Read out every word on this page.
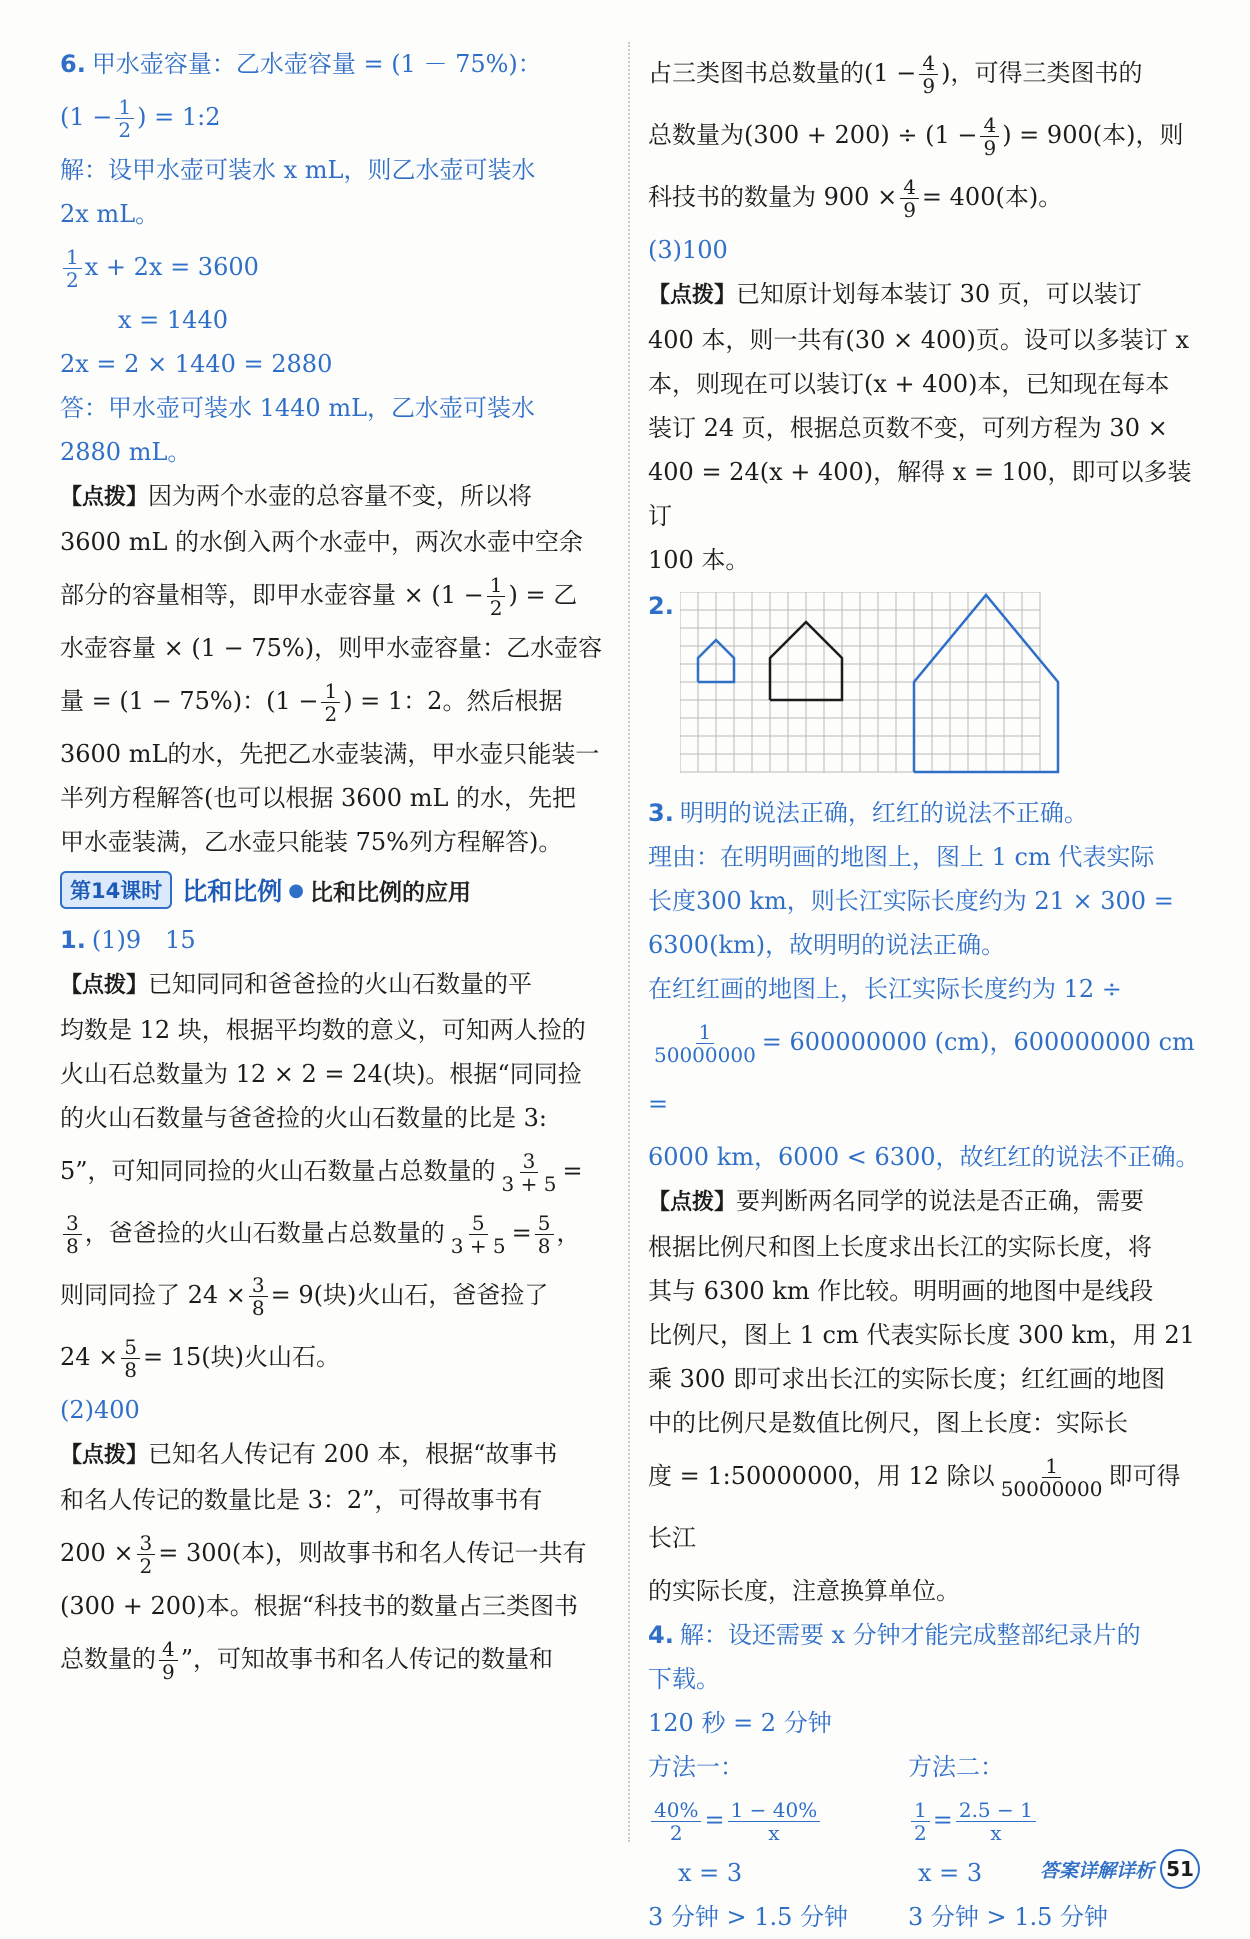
6. 甲水壶容量：乙水壶容量 = (1 － 75%)：

($1 - \frac{1}{2}$ ) = 1:2

解：设甲水壶可装水 x mL，则乙水壶可装水

2x mL。

$\frac{1}{2}$ x + 2x = 3600

x = 1440

2x = 2 × 1440 = 2880

答：甲水壶可装水 1440 mL，乙水壶可装水

2880 mL。

【点拨】因为两个水壶的总容量不变，所以将

3600 mL 的水倒入两个水壶中，两次水壶中空余

部分的容量相等，即甲水壶容量 × ($1 - \frac{1}{2}$ ) = 乙

水壶容量 × (1 − 75%)，则甲水壶容量：乙水壶容

量 = (1 − 75%)：($1 - \frac{1}{2}$ ) = 1：2。然后根据

3600 mL的水，先把乙水壶装满，甲水壶只能装一

半列方程解答(也可以根据 3600 mL 的水，先把

甲水壶装满，乙水壶只能装 75%列方程解答)。

第14课时 比和比例 ● 比和比例的应用

1. (1)9　15

【点拨】已知同同和爸爸捡的火山石数量的平

均数是 12 块，根据平均数的意义，可知两人捡的

火山石总数量为 12 × 2 = 24(块)。根据“同同捡

的火山石数量与爸爸捡的火山石数量的比是 3:

5”，可知同同捡的火山石数量占总数量的 $\frac{3}{3 + 5}$ =

$\frac{3}{8}$ ，爸爸捡的火山石数量占总数量的 $\frac{5}{3 + 5} = \frac{5}{8}$ ，

则同同捡了 $24 \times \frac{3}{8} = 9$(块)火山石，爸爸捡了

$24 \times \frac{5}{8} = 15$(块)火山石。

(2)400

【点拨】已知名人传记有 200 本，根据“故事书

和名人传记的数量比是 3：2”，可得故事书有

$200 \times \frac{3}{2} = 300$(本)，则故事书和名人传记一共有

(300 + 200)本。根据“科技书的数量占三类图书

总数量的 $\frac{4}{9}$ ”，可知故事书和名人传记的数量和

占三类图书总数量的($1 - \frac{4}{9}$ )，可得三类图书的

总数量为$(300 + 200) \div (1 - \frac{4}{9}$ ) = 900(本)，则

科技书的数量为 $900 \times \frac{4}{9} = 400$(本)。

(3)100

【点拨】已知原计划每本装订 30 页，可以装订

400 本，则一共有(30 × 400)页。设可以多装订 x

本，则现在可以装订(x + 400)本，已知现在每本

装订 24 页，根据总页数不变，可列方程为 30 ×

400 = 24(x + 400)，解得 x = 100，即可以多装订

100 本。

2.

3. 明明的说法正确，红红的说法不正确。

理由：在明明画的地图上，图上 1 cm 代表实际

长度300 km，则长江实际长度约为 21 × 300 =

6300(km)，故明明的说法正确。

在红红画的地图上，长江实际长度约为 12 ÷

$\frac{1}{50000000} = 600000000$ (cm)，600000000 cm =

6000 km，6000 < 6300，故红红的说法不正确。

【点拨】要判断两名同学的说法是否正确，需要

根据比例尺和图上长度求出长江的实际长度，将

其与 6300 km 作比较。明明画的地图中是线段

比例尺，图上 1 cm 代表实际长度 300 km，用 21

乘 300 即可求出长江的实际长度；红红画的地图

中的比例尺是数值比例尺，图上长度：实际长

度 = 1:50000000，用 12 除以 $\frac{1}{50000000}$ 即可得长江

的实际长度，注意换算单位。

4. 解：设还需要 x 分钟才能完成整部纪录片的

下载。

120 秒 = 2 分钟

方法一：

$\frac{40\%}{2} = \frac{1 - 40\%}{x}$

x = 3

3 分钟 > 1.5 分钟

方法二：

$\frac{1}{2} = \frac{2.5 - 1}{x}$

x = 3

3 分钟 > 1.5 分钟

答案详解详析 51
